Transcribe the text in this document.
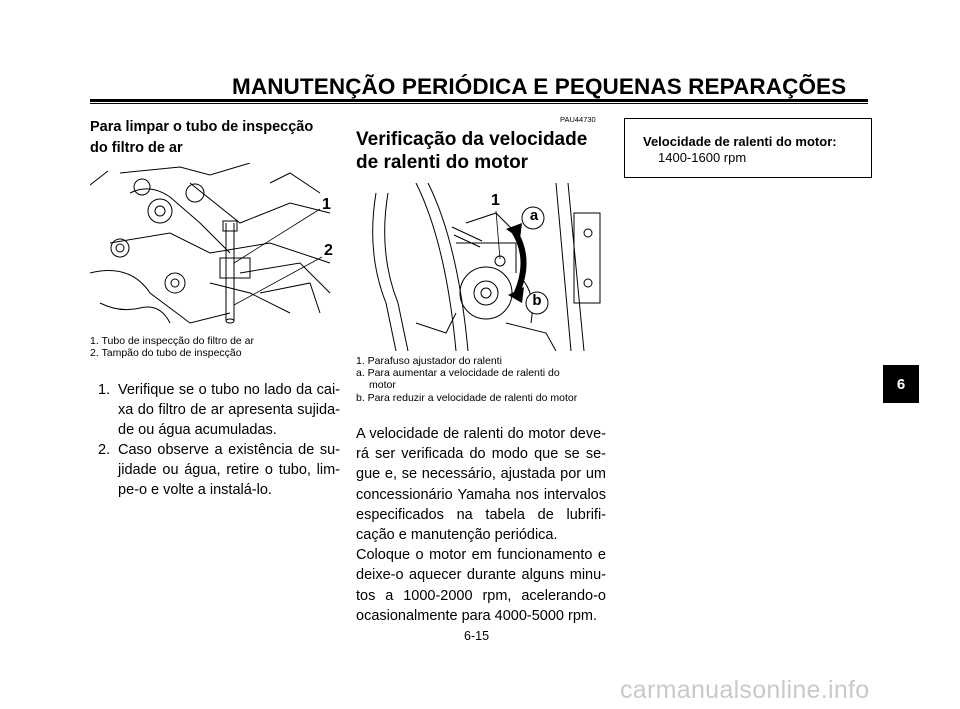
MANUTENÇÃO PERIÓDICA E PEQUENAS REPARAÇÕES
Para limpar o tubo de inspecção do filtro de ar
1
2
1. Tubo de inspecção do filtro de ar
2. Tampão do tubo de inspecção
1. Verifique se o tubo no lado da cai-xa do filtro de ar apresenta sujida-de ou água acumuladas.
2. Caso observe a existência de su-jidade ou água, retire o tubo, lim-pe-o e volte a instalá-lo.
PAU44730
Verificação da velocidade de ralenti do motor
1
a
b
1. Parafuso ajustador do ralenti
a. Para aumentar a velocidade de ralenti do
motor
b. Para reduzir a velocidade de ralenti do motor

A velocidade de ralenti do motor deve-rá ser verificada do modo que se se-gue e, se necessário, ajustada por um concessionário Yamaha nos intervalos especificados na tabela de lubrifi-cação e manutenção periódica.

Coloque o motor em funcionamento e deixe-o aquecer durante alguns minu-tos a 1000-2000 rpm, acelerando-o ocasionalmente para 4000-5000 rpm.

Velocidade de ralenti do motor:
1400-1600 rpm
6
6-15
carmanualsonline.info
